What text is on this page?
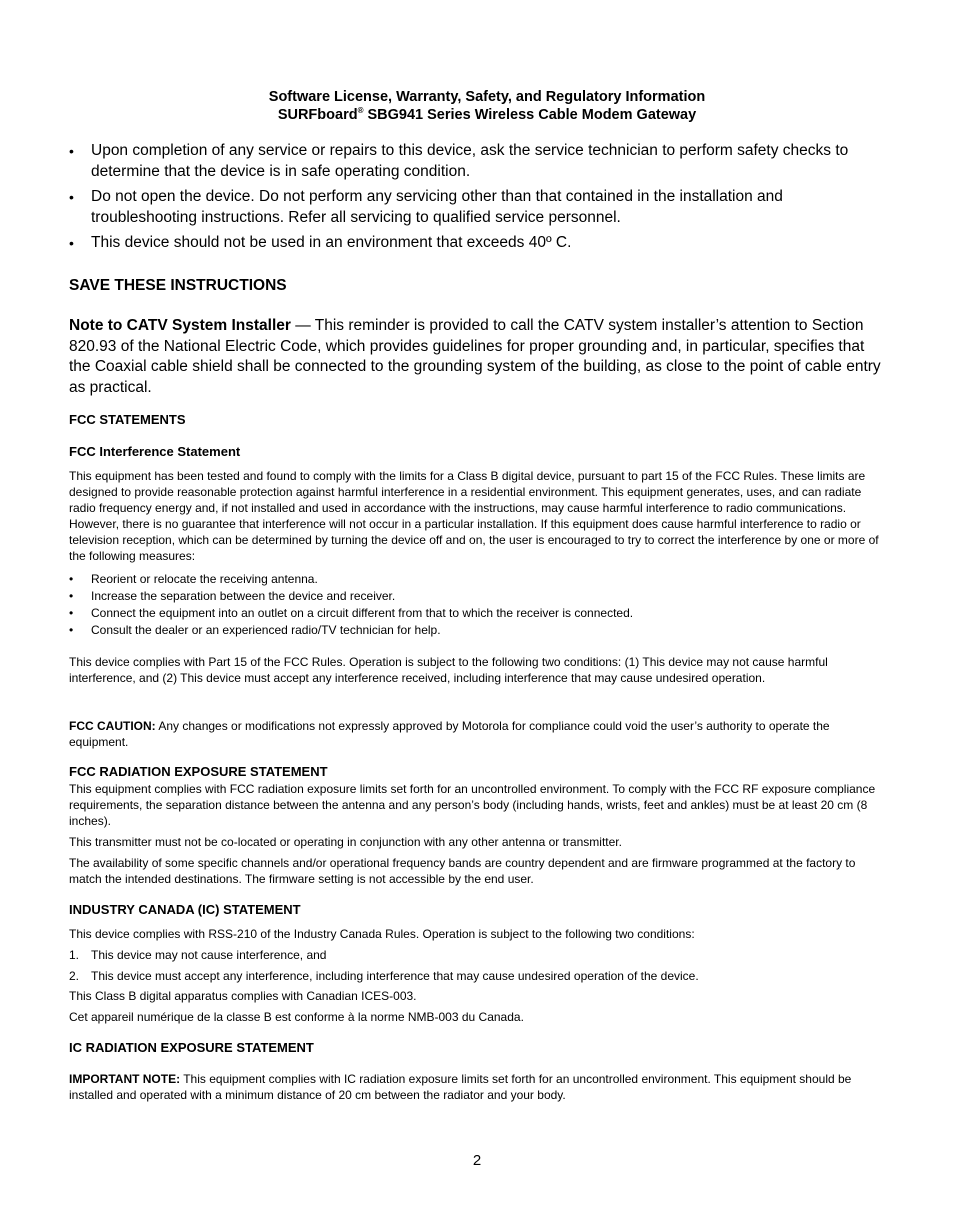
Software License, Warranty, Safety, and Regulatory Information
SURFboard® SBG941 Series Wireless Cable Modem Gateway
• Upon completion of any service or repairs to this device, ask the service technician to perform safety checks to determine that the device is in safe operating condition.
• Do not open the device. Do not perform any servicing other than that contained in the installation and troubleshooting instructions. Refer all servicing to qualified service personnel.
• This device should not be used in an environment that exceeds 40º C.
SAVE THESE INSTRUCTIONS
Note to CATV System Installer — This reminder is provided to call the CATV system installer’s attention to Section 820.93 of the National Electric Code, which provides guidelines for proper grounding and, in particular, specifies that the Coaxial cable shield shall be connected to the grounding system of the building, as close to the point of cable entry as practical.
FCC STATEMENTS
FCC Interference Statement
This equipment has been tested and found to comply with the limits for a Class B digital device, pursuant to part 15 of the FCC Rules. These limits are designed to provide reasonable protection against harmful interference in a residential environment. This equipment generates, uses, and can radiate radio frequency energy and, if not installed and used in accordance with the instructions, may cause harmful interference to radio communications. However, there is no guarantee that interference will not occur in a particular installation. If this equipment does cause harmful interference to radio or television reception, which can be determined by turning the device off and on, the user is encouraged to try to correct the interference by one or more of the following measures:
• Reorient or relocate the receiving antenna.
• Increase the separation between the device and receiver.
• Connect the equipment into an outlet on a circuit different from that to which the receiver is connected.
• Consult the dealer or an experienced radio/TV technician for help.
This device complies with Part 15 of the FCC Rules. Operation is subject to the following two conditions: (1) This device may not cause harmful interference, and (2) This device must accept any interference received, including interference that may cause undesired operation.
FCC CAUTION: Any changes or modifications not expressly approved by Motorola for compliance could void the user’s authority to operate the equipment.
FCC RADIATION EXPOSURE STATEMENT
This equipment complies with FCC radiation exposure limits set forth for an uncontrolled environment. To comply with the FCC RF exposure compliance requirements, the separation distance between the antenna and any person’s body (including hands, wrists, feet and ankles) must be at least 20 cm (8 inches).
This transmitter must not be co-located or operating in conjunction with any other antenna or transmitter.
The availability of some specific channels and/or operational frequency bands are country dependent and are firmware programmed at the factory to match the intended destinations. The firmware setting is not accessible by the end user.
INDUSTRY CANADA (IC) STATEMENT
This device complies with RSS-210 of the Industry Canada Rules. Operation is subject to the following two conditions:
1. This device may not cause interference, and
2. This device must accept any interference, including interference that may cause undesired operation of the device.
This Class B digital apparatus complies with Canadian ICES-003.
Cet appareil numérique de la classe B est conforme à la norme NMB-003 du Canada.
IC RADIATION EXPOSURE STATEMENT
IMPORTANT NOTE: This equipment complies with IC radiation exposure limits set forth for an uncontrolled environment. This equipment should be installed and operated with a minimum distance of 20 cm between the radiator and your body.
2
